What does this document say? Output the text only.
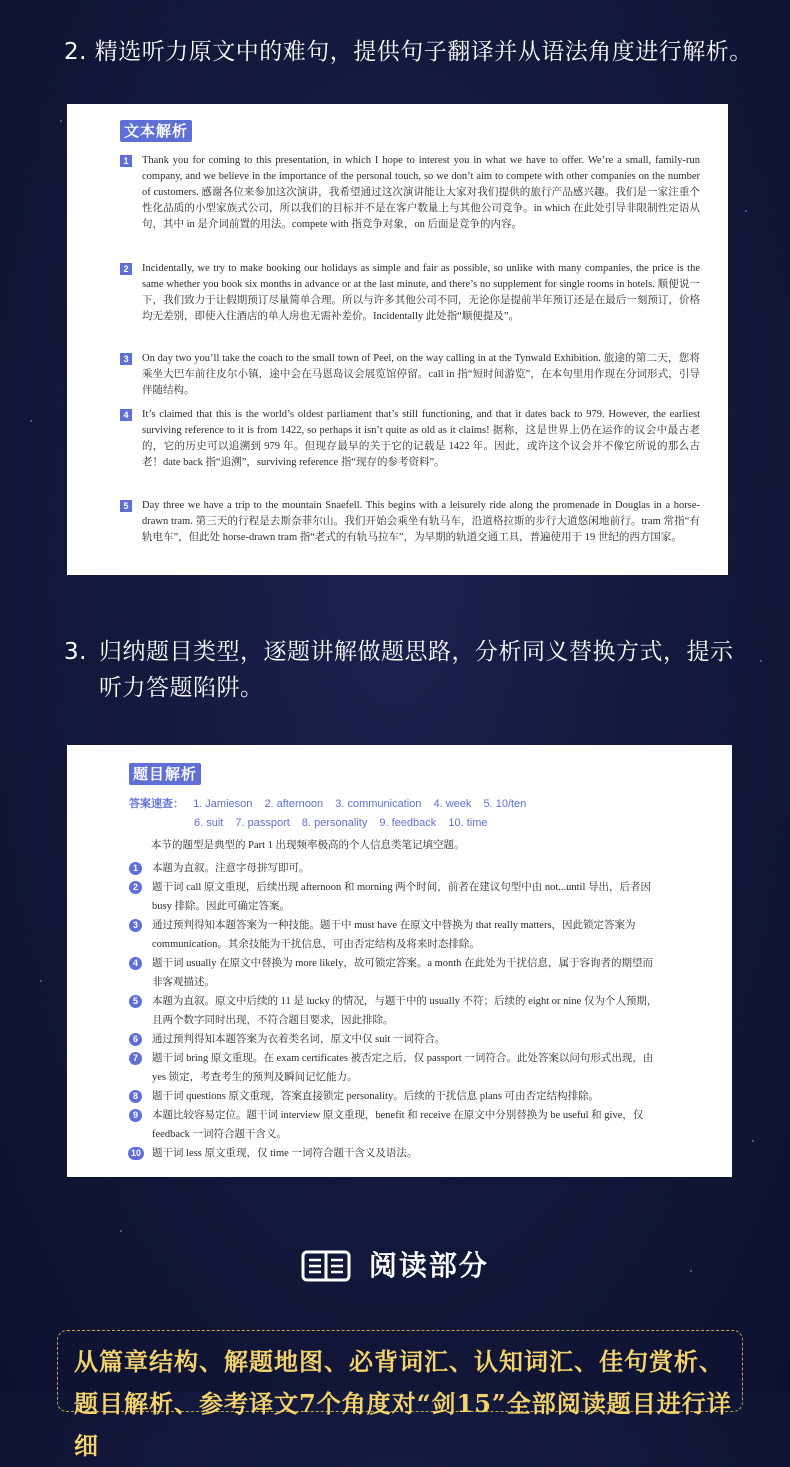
2. 精选听力原文中的难句，提供句子翻译并从语法角度进行解析。
文本解析
1	Thank you for coming to this presentation, in which I hope to interest you in what we have to offer. We’re a small, family-run company, and we believe in the importance of the personal touch, so we don’t aim to compete with other companies on the number of customers. 感谢各位来参加这次演讲，我希望通过这次演讲能让大家对我们提供的旅行产品感兴趣。我们是一家注重个性化品质的小型家族式公司，所以我们的目标并不是在客户数量上与其他公司竞争。in which 在此处引导非限制性定语从句，其中 in 是介词前置的用法。compete with 指竞争对象，on 后面是竞争的内容。
2	Incidentally, we try to make booking our holidays as simple and fair as possible, so unlike with many companies, the price is the same whether you book six months in advance or at the last minute, and there’s no supplement for single rooms in hotels. 顺便说一下，我们致力于让假期预订尽量简单合理。所以与许多其他公司不同，无论你是提前半年预订还是在最后一刻预订，价格均无差别，即使入住酒店的单人房也无需补差价。Incidentally 此处指“顺便提及”。
3	On day two you’ll take the coach to the small town of Peel, on the way calling in at the Tynwald Exhibition. 旅途的第二天，您将乘坐大巴车前往皮尔小镇，途中会在马恩岛议会展览馆停留。call in 指“短时间游览”，在本句里用作现在分词形式，引导伴随结构。
4	It’s claimed that this is the world’s oldest parliament that’s still functioning, and that it dates back to 979. However, the earliest surviving reference to it is from 1422, so perhaps it isn’t quite as old as it claims! 据称，这是世界上仍在运作的议会中最古老的，它的历史可以追溯到 979 年。但现存最早的关于它的记载是 1422 年。因此，或许这个议会并不像它所说的那么古老！date back 指“追溯”，surviving reference 指“现存的参考资料”。
5	Day three we have a trip to the mountain Snaefell. This begins with a leisurely ride along the promenade in Douglas in a horse-drawn tram. 第三天的行程是去斯奈菲尔山。我们开始会乘坐有轨马车，沿道格拉斯的步行大道悠闲地前行。tram 常指“有轨电车”，但此处 horse-drawn tram 指“老式的有轨马拉车”，为早期的轨道交通工具，普遍使用于 19 世纪的西方国家。
3. 归纳题目类型，逐题讲解做题思路，分析同义替换方式，提示听力答题陷阱。
题目解析
答案速查： 1. Jamieson 2. afternoon 3. communication 4. week 5. 10/ten
6. suit 7. passport 8. personality 9. feedback 10. time
本节的题型是典型的 Part 1 出现频率极高的个人信息类笔记填空题。
1	本题为直叙。注意字母拼写即可。
2	题干词 call 原文重现，后续出现 afternoon 和 morning 两个时间，前者在建议句型中由 not...until 导出，后者因 busy 排除。因此可确定答案。
3	通过预判得知本题答案为一种技能。题干中 must have 在原文中替换为 that really matters，因此锁定答案为 communication。其余技能为干扰信息，可由否定结构及将来时态排除。
4	题干词 usually 在原文中替换为 more likely，故可锁定答案。a month 在此处为干扰信息，属于容询者的期望而非客观描述。
5	本题为直叙。原文中后续的 11 是 lucky 的情况，与题干中的 usually 不符；后续的 eight or nine 仅为个人预期，且两个数字同时出现，不符合题目要求，因此排除。
6	通过预判得知本题答案为衣着类名词，原文中仅 suit 一词符合。
7	题干词 bring 原文重现。在 exam certificates 被否定之后，仅 passport 一词符合。此处答案以问句形式出现，由 yes 锁定，考查考生的预判及瞬间记忆能力。
8	题干词 questions 原文重现，答案直接锁定 personality。后续的干扰信息 plans 可由否定结构排除。
9	本题比较容易定位。题干词 interview 原文重现，benefit 和 receive 在原文中分别替换为 be useful 和 give，仅 feedback 一词符合题干含义。
10 题干词 less 原文重现，仅 time 一词符合题干含义及语法。
阅读部分
从篇章结构、解题地图、必背词汇、认知词汇、佳句赏析、题目解析、参考译文7个角度对“剑15”全部阅读题目进行详细
